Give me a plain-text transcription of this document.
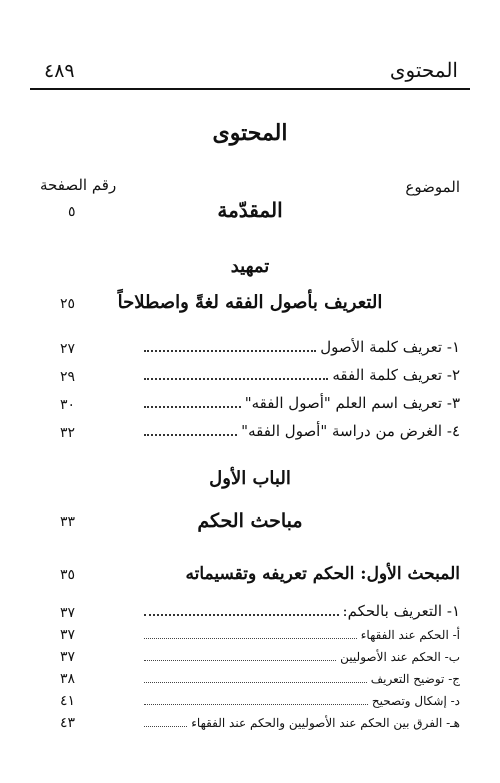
المحتوى
٤٨٩
المحتوى
الموضوع
رقم الصفحة
المقدّمة
٥
تمهيد
التعريف بأصول الفقه لغةً واصطلاحاً
٢٥
١- تعريف كلمة الأصول
٢٧
٢- تعريف كلمة الفقه
٢٩
٣- تعريف اسم العلم "أصول الفقه"
٣٠
٤- الغرض من دراسة "أصول الفقه"
٣٢
الباب الأول
مباحث الحكم
٣٣
المبحث الأول: الحكم تعريفه وتقسيماته
٣٥
١- التعريف بالحكم:
٣٧
أ- الحكم عند الفقهاء
٣٧
ب- الحكم عند الأصوليين
٣٧
ج- توضيح التعريف
٣٨
د- إشكال وتصحيح
٤١
هـ- الفرق بين الحكم عند الأصوليين والحكم عند الفقهاء
٤٣
